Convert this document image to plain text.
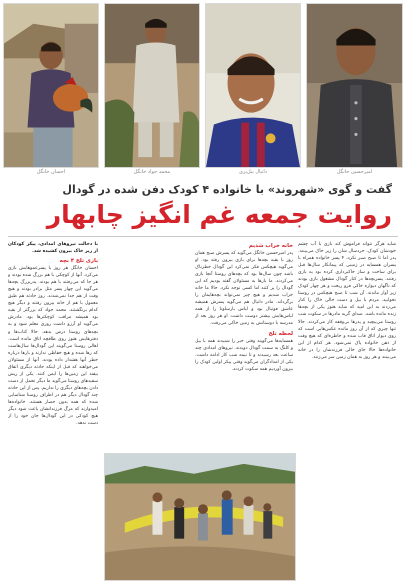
احسان خانگل	محمد جواد خانگل	دانیال بیل‌بری	امیرحسین خانگل
گفت و گوی «شهروند» با خانواده ۴ کودک دفن شده در گودال
روایت جمعه غم انگیز چابهار

شاید هرگز نتواند فراموش کند بازی با آب چشم خودشان کودک، خردسال شان را زیر خاک می‌بینند. پدر اما تا صبح صبر نکرد، ۴ پسر خانواده همراه با پسران همسایه در زمینی که پیمانکار سال‌ها قبل برای ساخت و ساز خاکبرداری کرده بود به بازی رفتند. پسربچه‌ها در کنار گودال مشغول بازی بودند که ناگهان دیواره خاکی فرو ریخت و هر چهار کودک زیر آوار ماندند. آن شب تا صبح هیچکس در روستا نخوابید. مردم با بیل و دست خالی خاک را کنار می‌زدند به این امید که شاید هنوز یکی از بچه‌ها زنده مانده باشد. صدای گریه مادرها در سکوت شب روستا می‌پیچید و پدرها بی‌وقفه کار می‌کردند. حالا تنها چیزی که از آن روز مانده عکس‌هایی است که روی دیوار اتاق قاب شده و خاطره‌ای که هیچ وقت از ذهن خانواده پاک نمی‌شود. هر کدام از این خانواده‌ها حالا جای خالی فرزندشان را در خانه می‌بینند و هر روز به همان زمین سر می‌زنند.

خانه خراب شدیم

پدر امیرحسین خانگل می‌گوید که پسرش صبح همان روز با بقیه بچه‌ها برای بازی بیرون رفته بود. او می‌گوید هیچکس فکر نمی‌کرد این گودال خطرناک باشد چون سال‌ها بود که بچه‌های روستا آنجا بازی می‌کردند. ما بارها به مسئولان گفته بودیم که این گودال را پر کنند اما کسی توجه نکرد. حالا ما خانه خراب شدیم و هیچ چیز نمی‌تواند بچه‌هایمان را برگرداند. مادر دانیال هم می‌گوید پسرش همیشه عاشق فوتبال بود و لباس بارسلونا را از همه لباس‌هایش بیشتر دوست داشت. او هر روز بعد از مدرسه با دوستانش به زمین خاکی می‌رفت.

لحظه تلخ

همسایه‌ها می‌گویند وقتی خبر را شنیدند همه با بیل و کلنگ به سمت گودال دویدند. نیروهای امدادی چند ساعت بعد رسیدند و تا نیمه شب کار ادامه داشت. یکی از امدادگران می‌گوید وقتی پیکر اولین کودک را بیرون آوردیم همه سکوت کردند.

با دخالت نیروهای امدادی، پیکر کودکان از زیر خاک بیرون کشیده شد.

بازی تلخ ۴ بچه

احسان خانگل هر روز با پسرعموهایش بازی می‌کرد. آنها از کوچکی با هم بزرگ شده بودند و هر جا که می‌رفتند با هم بودند. پدربزرگ بچه‌ها می‌گوید این چهار پسر مثل برادر بودند و هیچ وقت از هم جدا نمی‌شدند. روز حادثه هم طبق معمول با هم از خانه بیرون رفتند و دیگر هیچ کدام برنگشتند. محمد جواد که بزرگتر از بقیه بود همیشه مراقب کوچکترها بود. مادرش می‌گوید او آرزو داشت روزی معلم شود و به بچه‌های روستا درس بدهد. حالا کتاب‌ها و دفترهایش هنوز روی طاقچه اتاق مانده است. اهالی روستا می‌گویند این گودال‌ها سال‌هاست که رها شده و هیچ حفاظی ندارند و بارها درباره خطر آنها هشدار داده بودند. آنها از مسئولان می‌خواهند که قبل از اینکه حادثه دیگری اتفاق بیفتد این زمین‌ها را ایمن کنند. یکی از ریش سفیدهای روستا می‌گوید ما دیگر تحمل از دست دادن بچه‌های دیگری را نداریم. پس از این حادثه چند گودال دیگر هم در اطراف روستا شناسایی شده که همه بدون حصار هستند. خانواده‌ها امیدوارند که مرگ فرزندانشان باعث شود دیگر هیچ کودکی در این گودال‌ها جان خود را از دست ندهد.
